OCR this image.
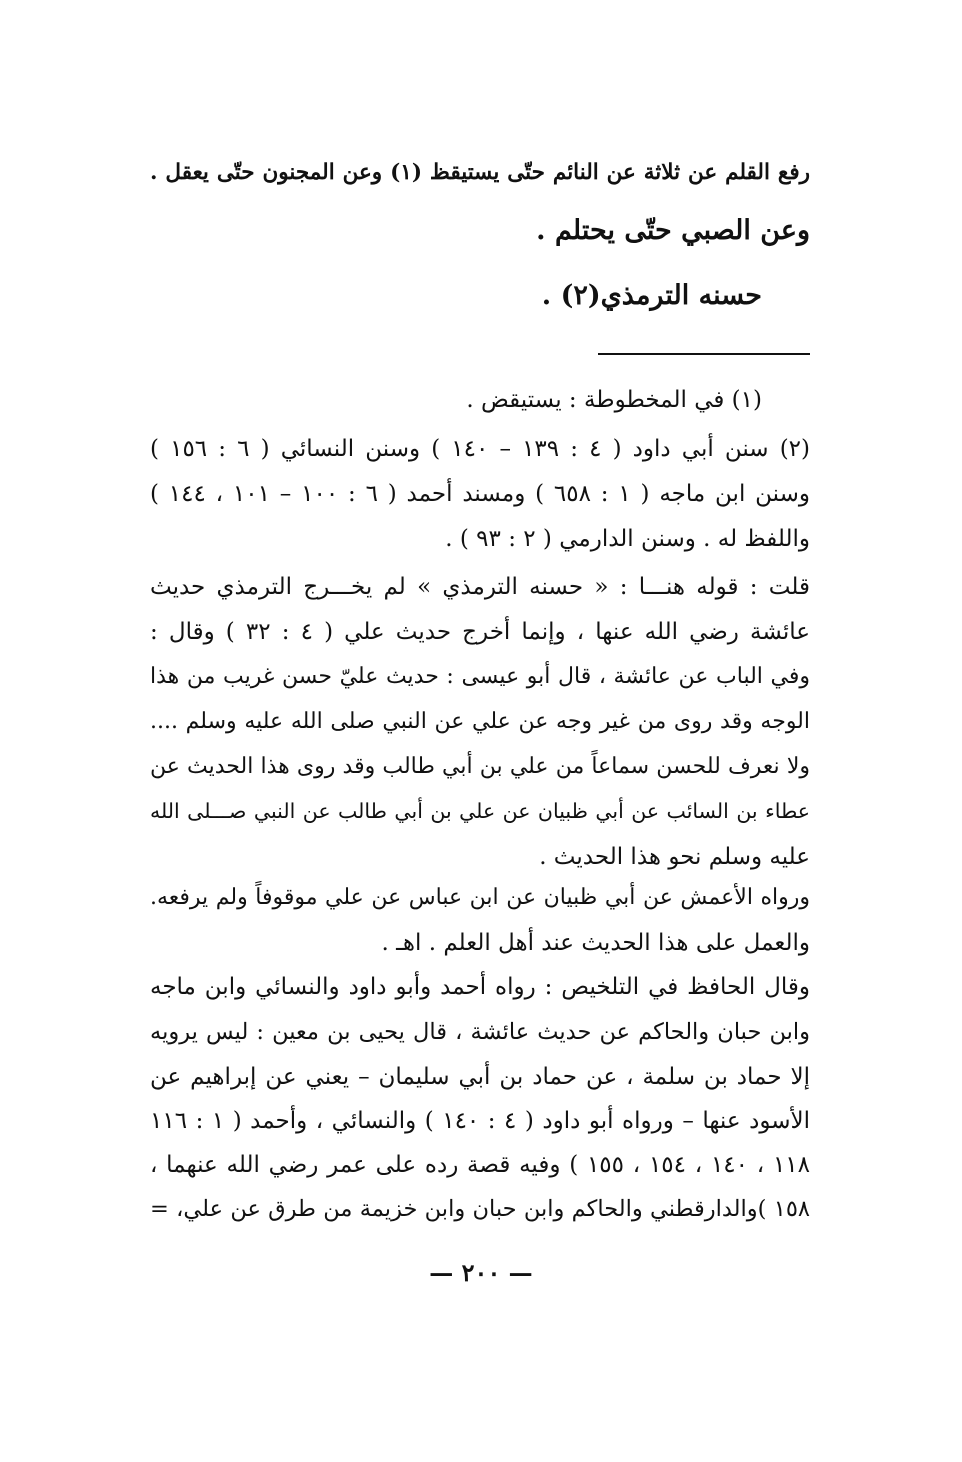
رفع القلم عن ثلاثة عن النائم حتّى يستيقظ (١) وعن المجنون حتّى يعقل .
وعن الصبي حتّى يحتلم .
حسنه الترمذي(٢) .
(١) في المخطوطة : يستيقض .
(٢) سنن أبي داود ( ٤ : ١٣٩ – ١٤٠ ) وسنن النسائي ( ٦ : ١٥٦ )
وسنن ابن ماجه ( ١ : ٦٥٨ ) ومسند أحمد ( ٦ : ١٠٠ – ١٠١ ، ١٤٤ )
واللفظ له . وسنن الدارمي ( ٢ : ٩٣ ) .
قلت : قوله هنـــا : « حسنه الترمذي » لم يخـــرج الترمذي حديث
عائشة رضي الله عنها ، وإنما أخرج حديث علي ( ٤ : ٣٢ ) وقال :
وفي الباب عن عائشة ، قال أبو عيسى : حديث عليّ حسن غريب من هذا
الوجه وقد روى من غير وجه عن علي عن النبي صلى الله عليه وسلم ....
ولا نعرف للحسن سماعاً من علي بن أبي طالب وقد روى هذا الحديث عن
عطاء بن السائب عن أبي ظبيان عن علي بن أبي طالب عن النبي صـــلى الله
عليه وسلم نحو هذا الحديث .
ورواه الأعمش عن أبي ظبيان عن ابن عباس عن علي موقوفاً ولم يرفعه.
والعمل على هذا الحديث عند أهل العلم . اهـ .
وقال الحافظ في التلخيص : رواه أحمد وأبو داود والنسائي وابن ماجه
وابن حبان والحاكم عن حديث عائشة ، قال يحيى بن معين : ليس يرويه
إلا حماد بن سلمة ، عن حماد بن أبي سليمان – يعني عن إبراهيم عن
الأسود عنها – ورواه أبو داود ( ٤ : ١٤٠ ) والنسائي ، وأحمد ( ١ : ١١٦
١١٨ ، ١٤٠ ، ١٥٤ ، ١٥٥ ) وفيه قصة رده على عمر رضي الله عنهما ،
١٥٨ )والدارقطني والحاكم وابن حبان وابن خزيمة من طرق عن علي، =
— ٢٠٠ —
